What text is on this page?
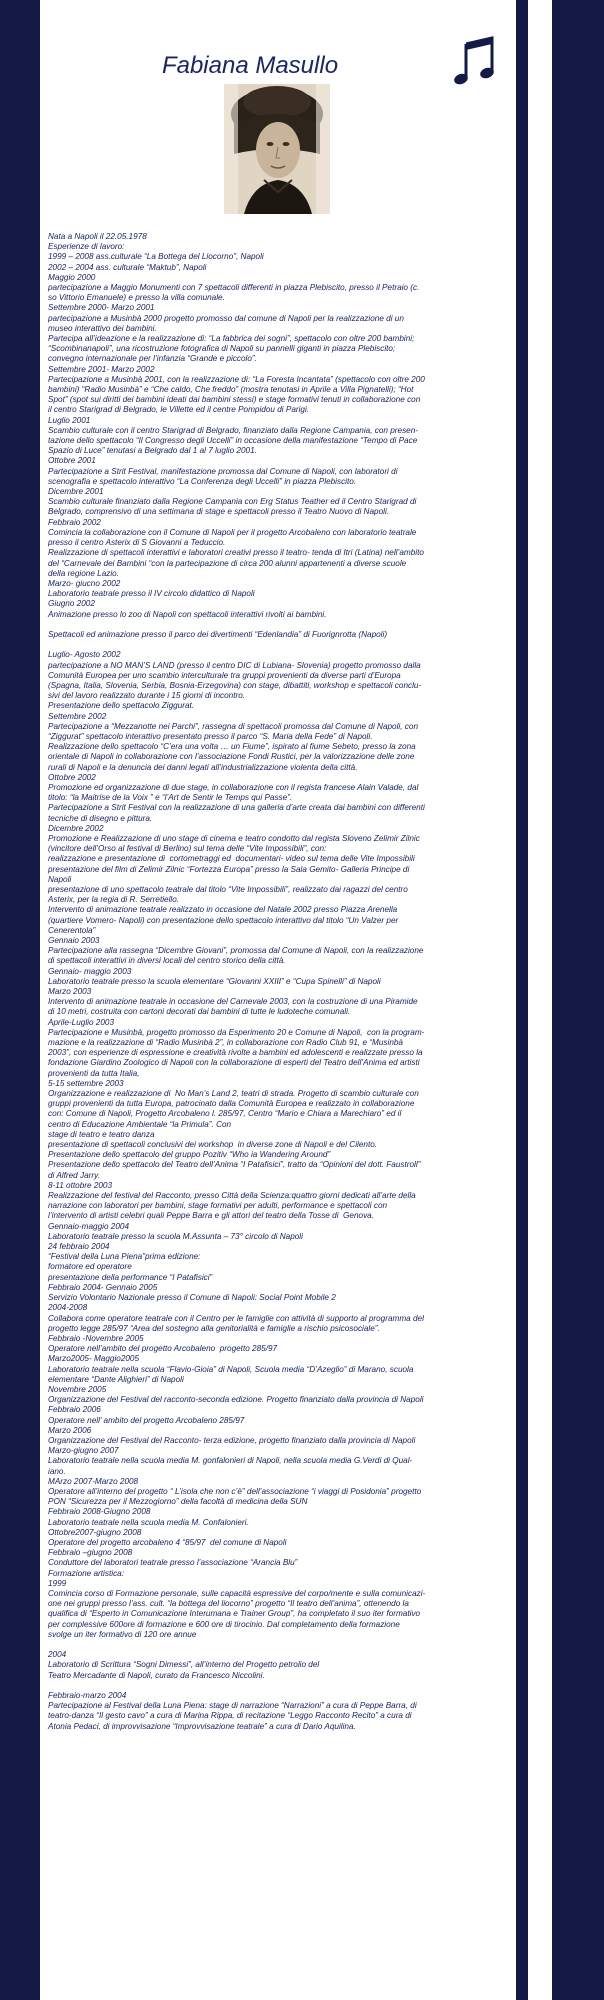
Fabiana Masullo

Nata a Napoli il 22.05.1978

Esperienze di lavoro:

1999 – 2008 ass.culturale “La Bottega del Liocorno”, Napoli

2002 – 2004 ass. culturale “Maktub”, Napoli

Maggio 2000

partecipazione a Maggio Monumenti con 7 spettacoli differenti in piazza Plebiscito, presso il Petraio (c.

so Vittorio Emanuele) e presso la villa comunale.

Settembre 2000- Marzo 2001

partecipazione a Musinbà 2000 progetto promosso dal comune di Napoli per la realizzazione di un

museo interattivo dei bambini.

Partecipa all’ideazione e la realizzazione di: “La fabbrica dei sogni”, spettacolo con oltre 200 bambini;

“Scombinanapoli”, una ricostruzione fotografica di Napoli su pannelli giganti in piazza Plebiscito;

convegno internazionale per l’infanzia “Grande e piccolo”.

Settembre 2001- Marzo 2002

Partecipazione a Musinbà 2001, con la realizzazione di: “La Foresta Incantata” (spettacolo con oltre 200

bambini) “Radio Musinbà” e “Che caldo, Che freddo” (mostra tenutasi in Aprile a Villa Pignatelli); “Hot

Spot” (spot sui diritti dei bambini ideati dai bambini stessi) e stage formativi tenuti in collaborazione con

il centro Starigrad di Belgrado, le Villette ed il centre Pompidou di Parigi.

Luglio 2001

Scambio culturale con il centro Starigrad di Belgrado, finanziato dalla Regione Campania, con presen-

tazione dello spettacolo “Il Congresso degli Uccelli” in occasione della manifestazione “Tempo di Pace

Spazio di Luce” tenutasi a Belgrado dal 1 al 7 luglio 2001.

Ottobre 2001

Partecipazione a Strit Festival, manifestazione promossa dal Comune di Napoli, con laboratori di

scenografia e spettacolo interattivo “La Conferenza degli Uccelli” in piazza Plebiscito.

Dicembre 2001

Scambio culturale finanziato dalla Regione Campania con Erg Status Teather ed il Centro Starigrad di

Belgrado, comprensivo di una settimana di stage e spettacoli presso il Teatro Nuovo di Napoli.

Febbraio 2002

Comincia la collaborazione con il Comune di Napoli per il progetto Arcobaleno con laboratorio teatrale

presso il centro Asterix di S Giovanni a Teduccio.

Realizzazione di spettacoli interattivi e laboratori creativi presso il teatro- tenda di Itri (Latina) nell’ambito

del “Carnevale dei Bambini “con la partecipazione di circa 200 alunni appartenenti a diverse scuole

della regione Lazio.

Marzo- giucno 2002

Laboratorio teatrale presso il IV circolo didattico di Napoli

Giugno 2002

Animazione presso lo zoo di Napoli con spettacoli interattivi rivolti ai bambini.

Spettacoli ed animazione presso il parco dei divertimenti “Edenlandia” di Fuorignrotta (Napoli)

Luglio- Agosto 2002

partecipazione a NO MAN’S LAND (presso il centro DIC di Lubiana- Slovenia) progetto promosso dalla

Comunità Europea per uno scambio interculturale tra gruppi provenienti da diverse parti d’Europa

(Spagna, Italia, Slovenia, Serbia, Bosnia-Erzegovina) con stage, dibattiti, workshop e spettacoli conclu-

sivi del lavoro realizzato durante i 15 giorni di incontro.

Presentazione dello spettacolo Ziggurat.

Settembre 2002

Partecipazione a “Mezzanotte nei Parchi”, rassegna di spettacoli promossa dal Comune di Napoli, con

“Ziggurat” spettacolo interattivo presentato presso il parco “S. Maria della Fede” di Napoli.

Realizzazione dello spettacolo “C’era una volta … un Fiume”, ispirato al fiume Sebeto, presso la zona

orientale di Napoli in collaborazione con l’associazione Fondi Rustici, per la valorizzazione delle zone

rurali di Napoli e la denuncia dei danni legati all’industrializzazione violenta della città.

Ottobre 2002

Promozione ed organizzazione di due stage, in collaborazione con il regista francese Alain Valade, dal

titolo: “la Maitrise de la Voix ” e “l’Art de Sentir le Temps qui Passe”.

Partecipazione a Strit Festival con la realizzazione di una galleria d’arte creata dai bambini con differenti

tecniche di disegno e pittura.

Dicembre 2002

Promozione e Realizzazione di uno stage di cinema e teatro condotto dal regista Sloveno Zelimir Zilnic

(vincitore dell’Orso al festival di Berlino) sul tema delle “Vite Impossibili”, con:

realizzazione e presentazione di  cortometraggi ed  documentari- video sul tema delle Vite Impossibili

presentazione del film di Zelimir Zilnic “Fortezza Europa” presso la Sala Gemito- Galleria Principe di

Napoli

presentazione di uno spettacolo teatrale dal titolo “Vite Impossibili”, realizzato dai ragazzi del centro

Asterix, per la regia di R. Serretiello.

Intervento di animazione teatrale realizzato in occasione del Natale 2002 presso Piazza Arenella

(quartiere Vomero- Napoli) con presentazione dello spettacolo interattivo dal titolo “Un Valzer per

Cenerentola”

Gennaio 2003

Partecipazione alla rassegna “Dicembre Giovani”, promossa dal Comune di Napoli, con la realizzazione

di spettacoli interattivi in diversi locali del centro storico della città.

Gennaio- maggio 2003

Laboratorio teatrale presso la scuola elementare “Giovanni XXIII” e “Cupa Spinelli” di Napoli

Marzo 2003

Intervento di animazione teatrale in occasione del Carnevale 2003, con la costruzione di una Piramide

di 10 metri, costruita con cartoni decorati dai bambini di tutte le ludoteche comunali.

Aprile-Luglio 2003

Partecipazione e Musinbà, progetto promosso da Esperimento 20 e Comune di Napoli,  con la program-

mazione e la realizzazione di “Radio Musinbà 2”, in collaborazione con Radio Club 91, e “Musinbà

2003”, con esperienze di espressione e creatività rivolte a bambini ed adolescenti e realizzate presso la

fondazione Giardino Zoologico di Napoli con la collaborazione di esperti del Teatro dell’Anima ed artisti

provenienti da tutta Italia,

5-15 settembre 2003

Organizzazione e realizzazione di  No Man’s Land 2, teatri di strada. Progetto di scambio culturale con

gruppi provenienti da tutta Europa, patrocinato dalla Comunità Europea e realizzato in collaborazione

con: Comune di Napoli, Progetto Arcobaleno l. 285/97, Centro “Mario e Chiara a Marechiaro” ed il

centro di Educazione Ambientale “la Primula”. Con

stage di teatro e teatro danza

presentazione di spettacoli conclusivi dei workshop  in diverse zone di Napoli e del Cilento.

Presentazione dello spettacolo del gruppo Pozitiv “Who ia Wandering Around”

Presentazione dello spettacolo del Teatro dell’Anima “I Patafisici”, tratto da “Opinioni del dott. Faustroll”

di Alfred Jarry.

8-11 ottobre 2003

Realizzazione del festival del Racconto, presso Città della Scienza:quattro giorni dedicati all’arte della

narrazione con laboratori per bambini, stage formativi per adulti, performance e spettacoli con

l’intervento di artisti celebri quali Peppe Barra e gli attori del teatro della Tosse di  Genova.

Gennaio-maggio 2004

Laboratorio teatrale presso la scuola M.Assunta – 73° circolo di Napoli

24 febbraio 2004

“Festival della Luna Piena”prima edizione:

formatore ed operatore

presentazione della performance “I Patafisici”

Febbraio 2004- Gennaio 2005

Servizio Volontario Nazionale presso il Comune di Napoli: Social Point Mobile 2

2004-2008

Collabora come operatore teatrale con il Centro per le famiglie con attività di supporto al programma del

progetto legge 285/97 “Area del sostegno alla genitorialità e famiglie a rischio psicosociale”.

Febbraio -Novembre 2005

Operatore nell’ambito del progetto Arcobaleno  progetto 285/97

Marzo2005- Maggio2005

Laboratorio teatrale nella scuola “Flavio-Gioia” di Napoli, Scuola media “D’Azeglio” di Marano, scuola

elementare “Dante Alighieri” di Napoli

Novembre 2005

Organizzazione del Festival del racconto-seconda edizione. Progetto finanziato dalla provincia di Napoli

Febbraio 2006

Operatore nell’ ambito del progetto Arcobaleno 285/97

Marzo 2006

Organizzazione del Festival del Racconto- terza edizione, progetto finanziato dalla provincia di Napoli

Marzo-giugno 2007

Laboratorio teatrale nella scuola media M. gonfalonieri di Napoli, nella scuola media G.Verdi di Qual-

iano.

MArzo 2007-Marzo 2008

Operatore all’interno del progetto “ L’isola che non c’è” dell’associazione “i viaggi di Posidonia” progetto

PON “Sicurezza per il Mezzogiorno” della facoltà di medicina della SUN

Febbraio 2008-Giugno 2008

Laboratorio teatrale nella scuola media M. Confalonieri.

Ottobre2007-giugno 2008

Operatore del progetto arcobaleno 4 “85/97  del comune di Napoli

Febbraio –giugno 2008

Conduttore del laboratori teatrale presso l’associazione “Arancia Blu”

Formazione artistica:

1999

Comincia corso di Formazione personale, sulle capacità espressive del corpo/mente e sulla comunicazi-

one nei gruppi presso l’ass. cult. “la bottega del liocorno” progetto “Il teatro dell’anima”, ottenendo la

qualifica di “Esperto in Comunicazione Interumana e Trainer Group”, ha completato il suo iter formativo

per complessive 600ore di formazione e 600 ore di tirocinio. Dal completamento della formazione

svolge un iter formativo di 120 ore annue

2004

Laboratorio di Scrittura “Sogni Dimessi”, all’interno del Progetto petrolio del

Teatro Mercadante di Napoli, curato da Francesco Niccolini.

Febbraio-marzo 2004

Partecipazione al Festival della Luna Piena: stage di narrazione “Narrazioni” a cura di Peppe Barra, di

teatro-danza “Il gesto cavo” a cura di Marina Rippa, di recitazione “Leggo Racconto Recito” a cura di

Atonia Pedaci, di improvvisazione “Improvvisazione teatrale” a cura di Dario Aquilina.
